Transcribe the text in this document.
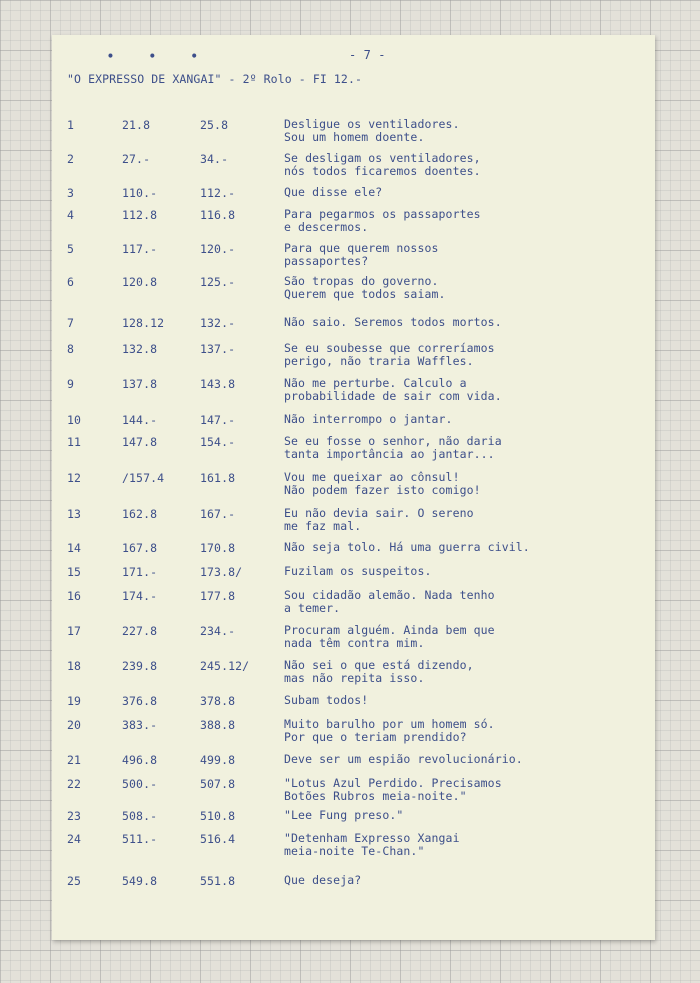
• • •	- 7 -
"O EXPRESSO DE XANGAI" - 2º Rolo - FI 12.-
1	21.8	25.8	Desligue os ventiladores.
Sou um homem doente.
2	27.-	34.-	Se desligam os ventiladores,
nós todos ficaremos doentes.
3	110.-	112.-	Que disse ele?
4	112.8	116.8	Para pegarmos os passaportes
e descermos.
5	117.-	120.-	Para que querem nossos
passaportes?
6	120.8	125.-	São tropas do governo.
Querem que todos saiam.
7	128.12	132.-	Não saio. Seremos todos mortos.
8	132.8	137.-	Se eu soubesse que correríamos
perigo, não traria Waffles.
9	137.8	143.8	Não me perturbe. Calculo a
probabilidade de sair com vida.
10	144.-	147.-	Não interrompo o jantar.
11	147.8	154.-	Se eu fosse o senhor, não daria
tanta importância ao jantar...
12	/157.4	161.8	Vou me queixar ao cônsul!
Não podem fazer isto comigo!
13	162.8	167.-	Eu não devia sair. O sereno
me faz mal.
14	167.8	170.8	Não seja tolo. Há uma guerra civil.
15	171.-	173.8/	Fuzilam os suspeitos.
16	174.-	177.8	Sou cidadão alemão. Nada tenho
a temer.
17	227.8	234.-	Procuram alguém. Ainda bem que
nada têm contra mim.
18	239.8	245.12/	Não sei o que está dizendo,
mas não repita isso.
19	376.8	378.8	Subam todos!
20	383.-	388.8	Muito barulho por um homem só.
Por que o teriam prendido?
21	496.8	499.8	Deve ser um espião revolucionário.
22	500.-	507.8	"Lotus Azul Perdido. Precisamos
Botões Rubros meia-noite."
23	508.-	510.8	"Lee Fung preso."
24	511.-	516.4	"Detenham Expresso Xangai
meia-noite Te-Chan."
25	549.8	551.8	Que deseja?
